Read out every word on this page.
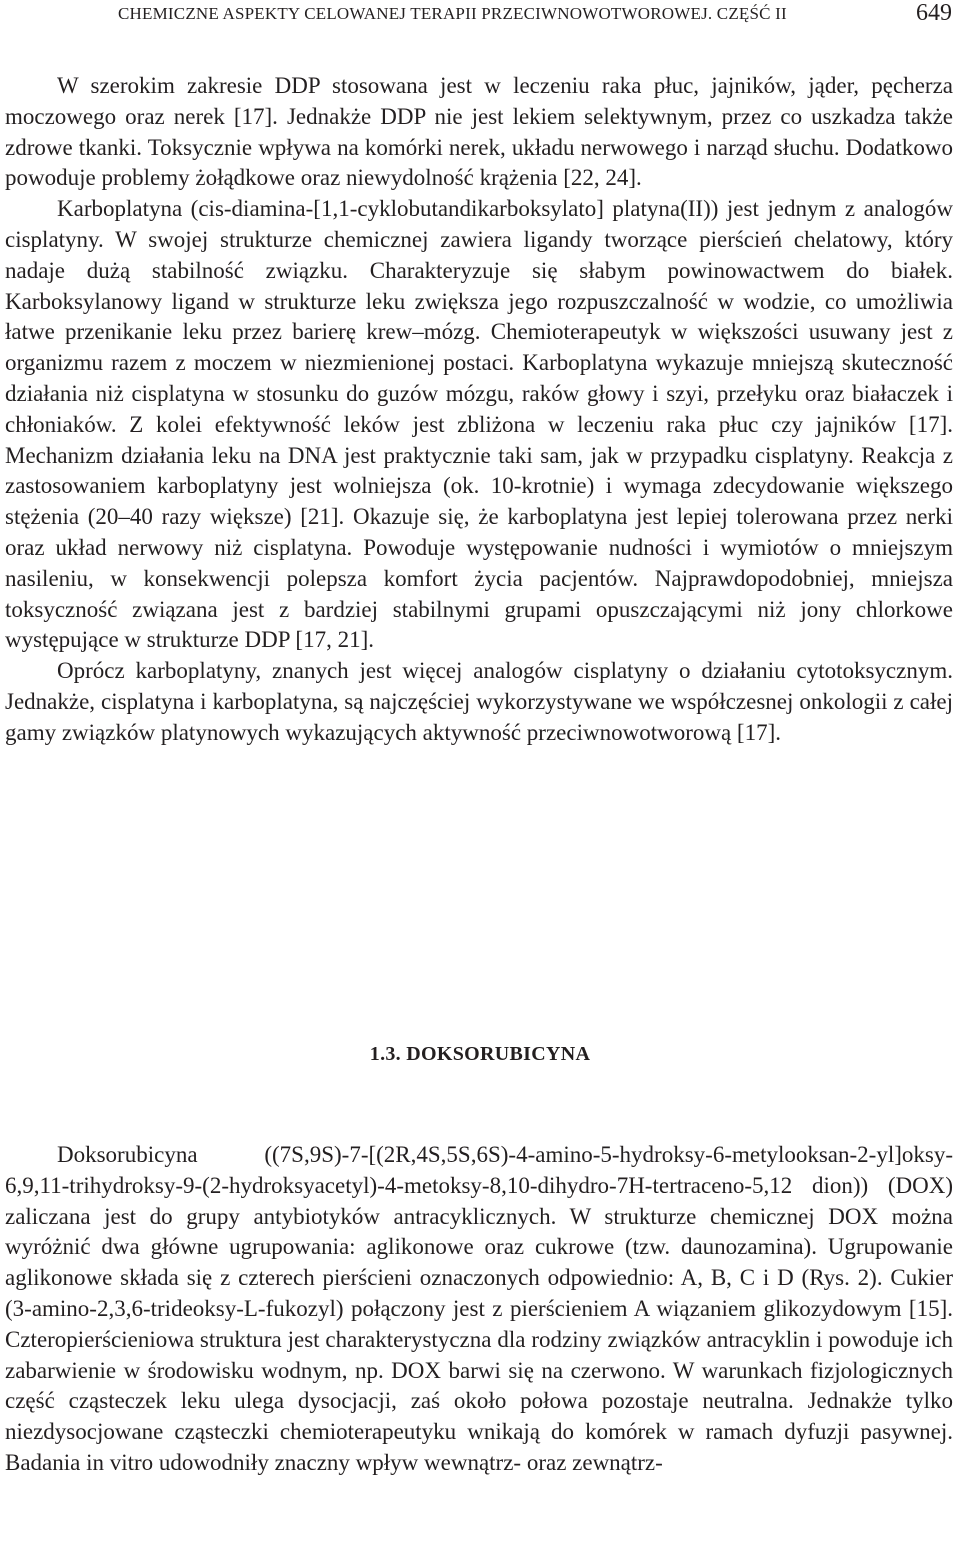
CHEMICZNE ASPEKTY CELOWANEJ TERAPII PRZECIWNOWOTWOROWEJ. CZĘŚĆ II	649

W szerokim zakresie DDP stosowana jest w leczeniu raka płuc, jajników, jąder, pęcherza moczowego oraz nerek [17]. Jednakże DDP nie jest lekiem selektywnym, przez co uszkadza także zdrowe tkanki. Toksycznie wpływa na komórki nerek, układu nerwowego i narząd słuchu. Dodatkowo powoduje problemy żołądkowe oraz niewydolność krążenia [22, 24].

Karboplatyna (cis-diamina-[1,1-cyklobutandikarboksylato] platyna(II)) jest jednym z analogów cisplatyny. W swojej strukturze chemicznej zawiera ligandy tworzące pierścień chelatowy, który nadaje dużą stabilność związku. Charakteryzuje się słabym powinowactwem do białek. Karboksylanowy ligand w strukturze leku zwiększa jego rozpuszczalność w wodzie, co umożliwia łatwe przenikanie leku przez barierę krew–mózg. Chemioterapeutyk w większości usuwany jest z organizmu razem z moczem w niezmienionej postaci. Karboplatyna wykazuje mniejszą skuteczność działania niż cisplatyna w stosunku do guzów mózgu, raków głowy i szyi, przełyku oraz białaczek i chłoniaków. Z kolei efektywność leków jest zbliżona w leczeniu raka płuc czy jajników [17]. Mechanizm działania leku na DNA jest praktycznie taki sam, jak w przypadku cisplatyny. Reakcja z zastosowaniem karboplatyny jest wolniejsza (ok. 10-krotnie) i wymaga zdecydowanie większego stężenia (20–40 razy większe) [21]. Okazuje się, że karboplatyna jest lepiej tolerowana przez nerki oraz układ nerwowy niż cisplatyna. Powoduje występowanie nudności i wymiotów o mniejszym nasileniu, w konsekwencji polepsza komfort życia pacjentów. Najprawdopodobniej, mniejsza toksyczność związana jest z bardziej stabilnymi grupami opuszczającymi niż jony chlorkowe występujące w strukturze DDP [17, 21].

Oprócz karboplatyny, znanych jest więcej analogów cisplatyny o działaniu cytotoksycznym. Jednakże, cisplatyna i karboplatyna, są najczęściej wykorzystywane we współczesnej onkologii z całej gamy związków platynowych wykazujących aktywność przeciwnowotworową [17].

1.3. DOKSORUBICYNA

Doksorubicyna ((7S,9S)-7-[(2R,4S,5S,6S)-4-amino-5-hydroksy-6-metylooksan-2-yl]oksy-6,9,11-trihydroksy-9-(2-hydroksyacetyl)-4-metoksy-8,10-dihydro-7H-tertraceno-5,12 dion)) (DOX) zaliczana jest do grupy antybiotyków antracyklicznych. W strukturze chemicznej DOX można wyróżnić dwa główne ugrupowania: aglikonowe oraz cukrowe (tzw. daunozamina). Ugrupowanie aglikonowe składa się z czterech pierścieni oznaczonych odpowiednio: A, B, C i D (Rys. 2). Cukier (3-amino-2,3,6-trideoksy-L-fukozyl) połączony jest z pierścieniem A wiązaniem glikozydowym [15]. Czteropierścieniowa struktura jest charakterystyczna dla rodziny związków antracyklin i powoduje ich zabarwienie w środowisku wodnym, np. DOX barwi się na czerwono. W warunkach fizjologicznych część cząsteczek leku ulega dysocjacji, zaś około połowa pozostaje neutralna. Jednakże tylko niezdysocjowane cząsteczki chemioterapeutyku wnikają do komórek w ramach dyfuzji pasywnej. Badania in vitro udowodniły znaczny wpływ wewnątrz- oraz zewnątrz-
